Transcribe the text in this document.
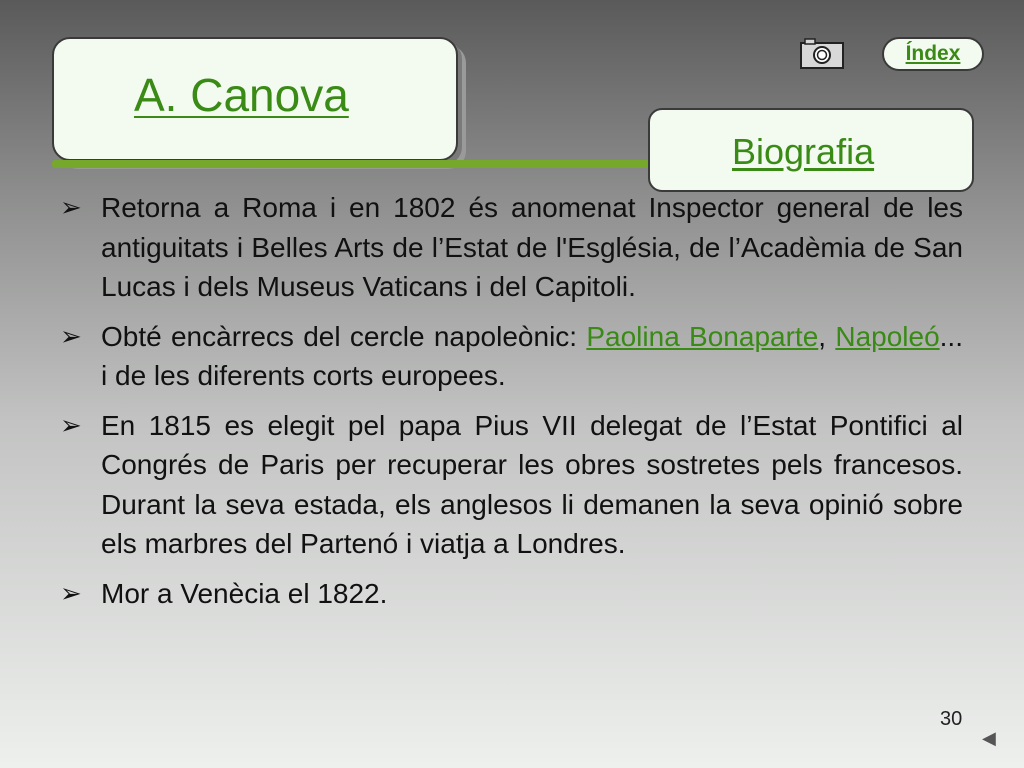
A. Canova
Biografia
Índex
➢ Retorna a Roma i en 1802 és anomenat Inspector general de les antiguitats i Belles Arts de l’Estat de l'Església, de l’Acadèmia de San Lucas i dels Museus Vaticans i del Capitoli.
➢ Obté encàrrecs del cercle napoleònic: Paolina Bonaparte, Napoleó... i de les diferents corts europees.
➢ En 1815 es elegit pel papa Pius VII delegat de l’Estat Pontifici al Congrés de Paris per recuperar les obres sostretes pels francesos. Durant la seva estada, els anglesos li demanen la seva opinió sobre els marbres del Partenó i viatja a Londres.
➢ Mor a Venècia el 1822.
30
◀
